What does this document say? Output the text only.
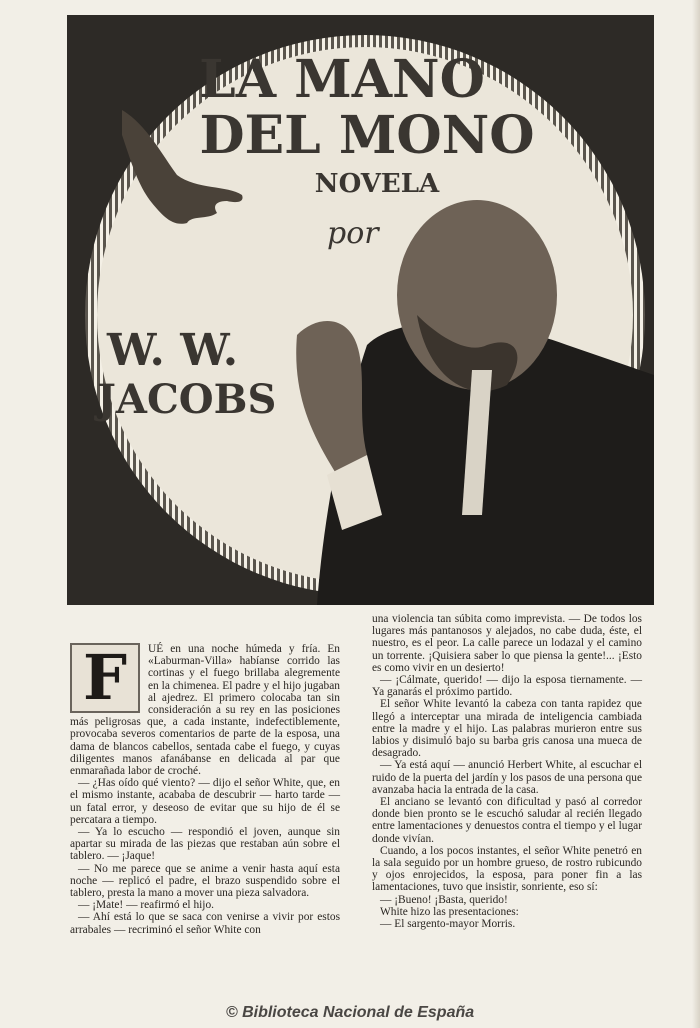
LA MANO
DEL MONO
NOVELA
por
W. W.
JACOBS
F	UÉ en una noche húmeda y fría. En «Laburman-Villa» habíanse corrido las cortinas y el fuego brillaba alegremente en la chimenea. El padre y el hijo jugaban al ajedrez. El primero colocaba tan sin consideración a su rey en las posiciones más peligrosas que, a cada instante, indefectiblemente, provocaba severos comentarios de parte de la esposa, una dama de blancos cabellos, sentada cabe el fuego, y cuyas diligentes manos afanábanse en delicada al par que enmarañada labor de croché.

— ¿Has oído qué viento? — dijo el señor White, que, en el mismo instante, acababa de descubrir — harto tarde — un fatal error, y deseoso de evitar que su hijo de él se percatara a tiempo.

— Ya lo escucho — respondió el joven, aunque sin apartar su mirada de las piezas que restaban aún sobre el tablero. — ¡Jaque!

— No me parece que se anime a venir hasta aquí esta noche — replicó el padre, el brazo suspendido sobre el tablero, presta la mano a mover una pieza salvadora.

— ¡Mate! — reafirmó el hijo.

— Ahí está lo que se saca con venirse a vivir por estos arrabales — recriminó el señor White con

una violencia tan súbita como imprevista. — De todos los lugares más pantanosos y alejados, no cabe duda, éste, el nuestro, es el peor. La calle parece un lodazal y el camino un torrente. ¡Quisiera saber lo que piensa la gente!... ¡Esto es como vivir en un desierto!

— ¡Cálmate, querido! — dijo la esposa tiernamente. — Ya ganarás el próximo partido.

El señor White levantó la cabeza con tanta rapidez que llegó a interceptar una mirada de inteligencia cambiada entre la madre y el hijo. Las palabras murieron entre sus labios y disimuló bajo su barba gris canosa una mueca de desagrado.

— Ya está aquí — anunció Herbert White, al escuchar el ruido de la puerta del jardín y los pasos de una persona que avanzaba hacia la entrada de la casa.

El anciano se levantó con dificultad y pasó al corredor donde bien pronto se le escuchó saludar al recién llegado entre lamentaciones y denuestos contra el tiempo y el lugar donde vivían.

Cuando, a los pocos instantes, el señor White penetró en la sala seguido por un hombre grueso, de rostro rubicundo y ojos enrojecidos, la esposa, para poner fin a las lamentaciones, tuvo que insistir, sonriente, eso sí:

— ¡Bueno! ¡Basta, querido!

White hizo las presentaciones:

— El sargento-mayor Morris.

© Biblioteca Nacional de España
